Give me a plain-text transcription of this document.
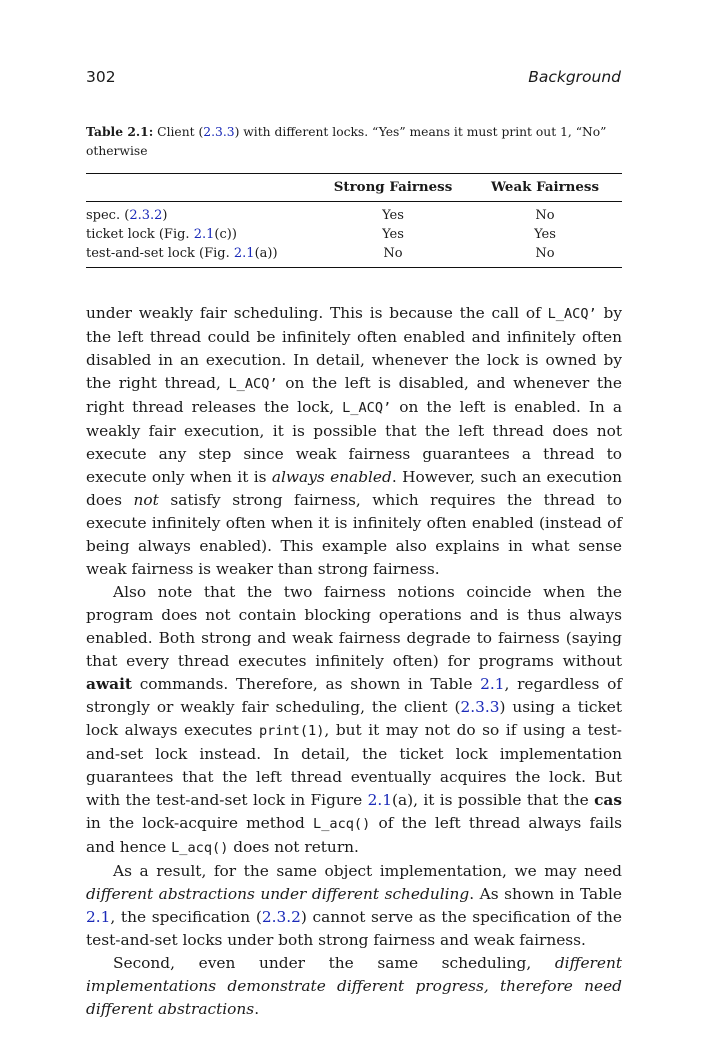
302	Background
Table 2.1: Client (2.3.3) with different locks. “Yes” means it must print out 1, “No” otherwise
	Strong Fairness	Weak Fairness
spec. (2.3.2)	Yes	No
ticket lock (Fig. 2.1(c))	Yes	Yes
test-and-set lock (Fig. 2.1(a))	No	No

under weakly fair scheduling. This is because the call of L_ACQ’ by the left thread could be infinitely often enabled and infinitely often disabled in an execution. In detail, whenever the lock is owned by the right thread, L_ACQ’ on the left is disabled, and whenever the right thread releases the lock, L_ACQ’ on the left is enabled. In a weakly fair execution, it is possible that the left thread does not execute any step since weak fairness guarantees a thread to execute only when it is always enabled. However, such an execution does not satisfy strong fairness, which requires the thread to execute infinitely often when it is infinitely often enabled (instead of being always enabled). This example also explains in what sense weak fairness is weaker than strong fairness.

Also note that the two fairness notions coincide when the program does not contain blocking operations and is thus always enabled. Both strong and weak fairness degrade to fairness (saying that every thread executes infinitely often) for programs without await commands. Therefore, as shown in Table 2.1, regardless of strongly or weakly fair scheduling, the client (2.3.3) using a ticket lock always executes print(1), but it may not do so if using a test-and-set lock instead. In detail, the ticket lock implementation guarantees that the left thread eventually acquires the lock. But with the test-and-set lock in Figure 2.1(a), it is possible that the cas in the lock-acquire method L_acq() of the left thread always fails and hence L_acq() does not return.

As a result, for the same object implementation, we may need different abstractions under different scheduling. As shown in Table 2.1, the specification (2.3.2) cannot serve as the specification of the test-and-set locks under both strong fairness and weak fairness.

Second, even under the same scheduling, different implementations demonstrate different progress, therefore need different abstractions.
